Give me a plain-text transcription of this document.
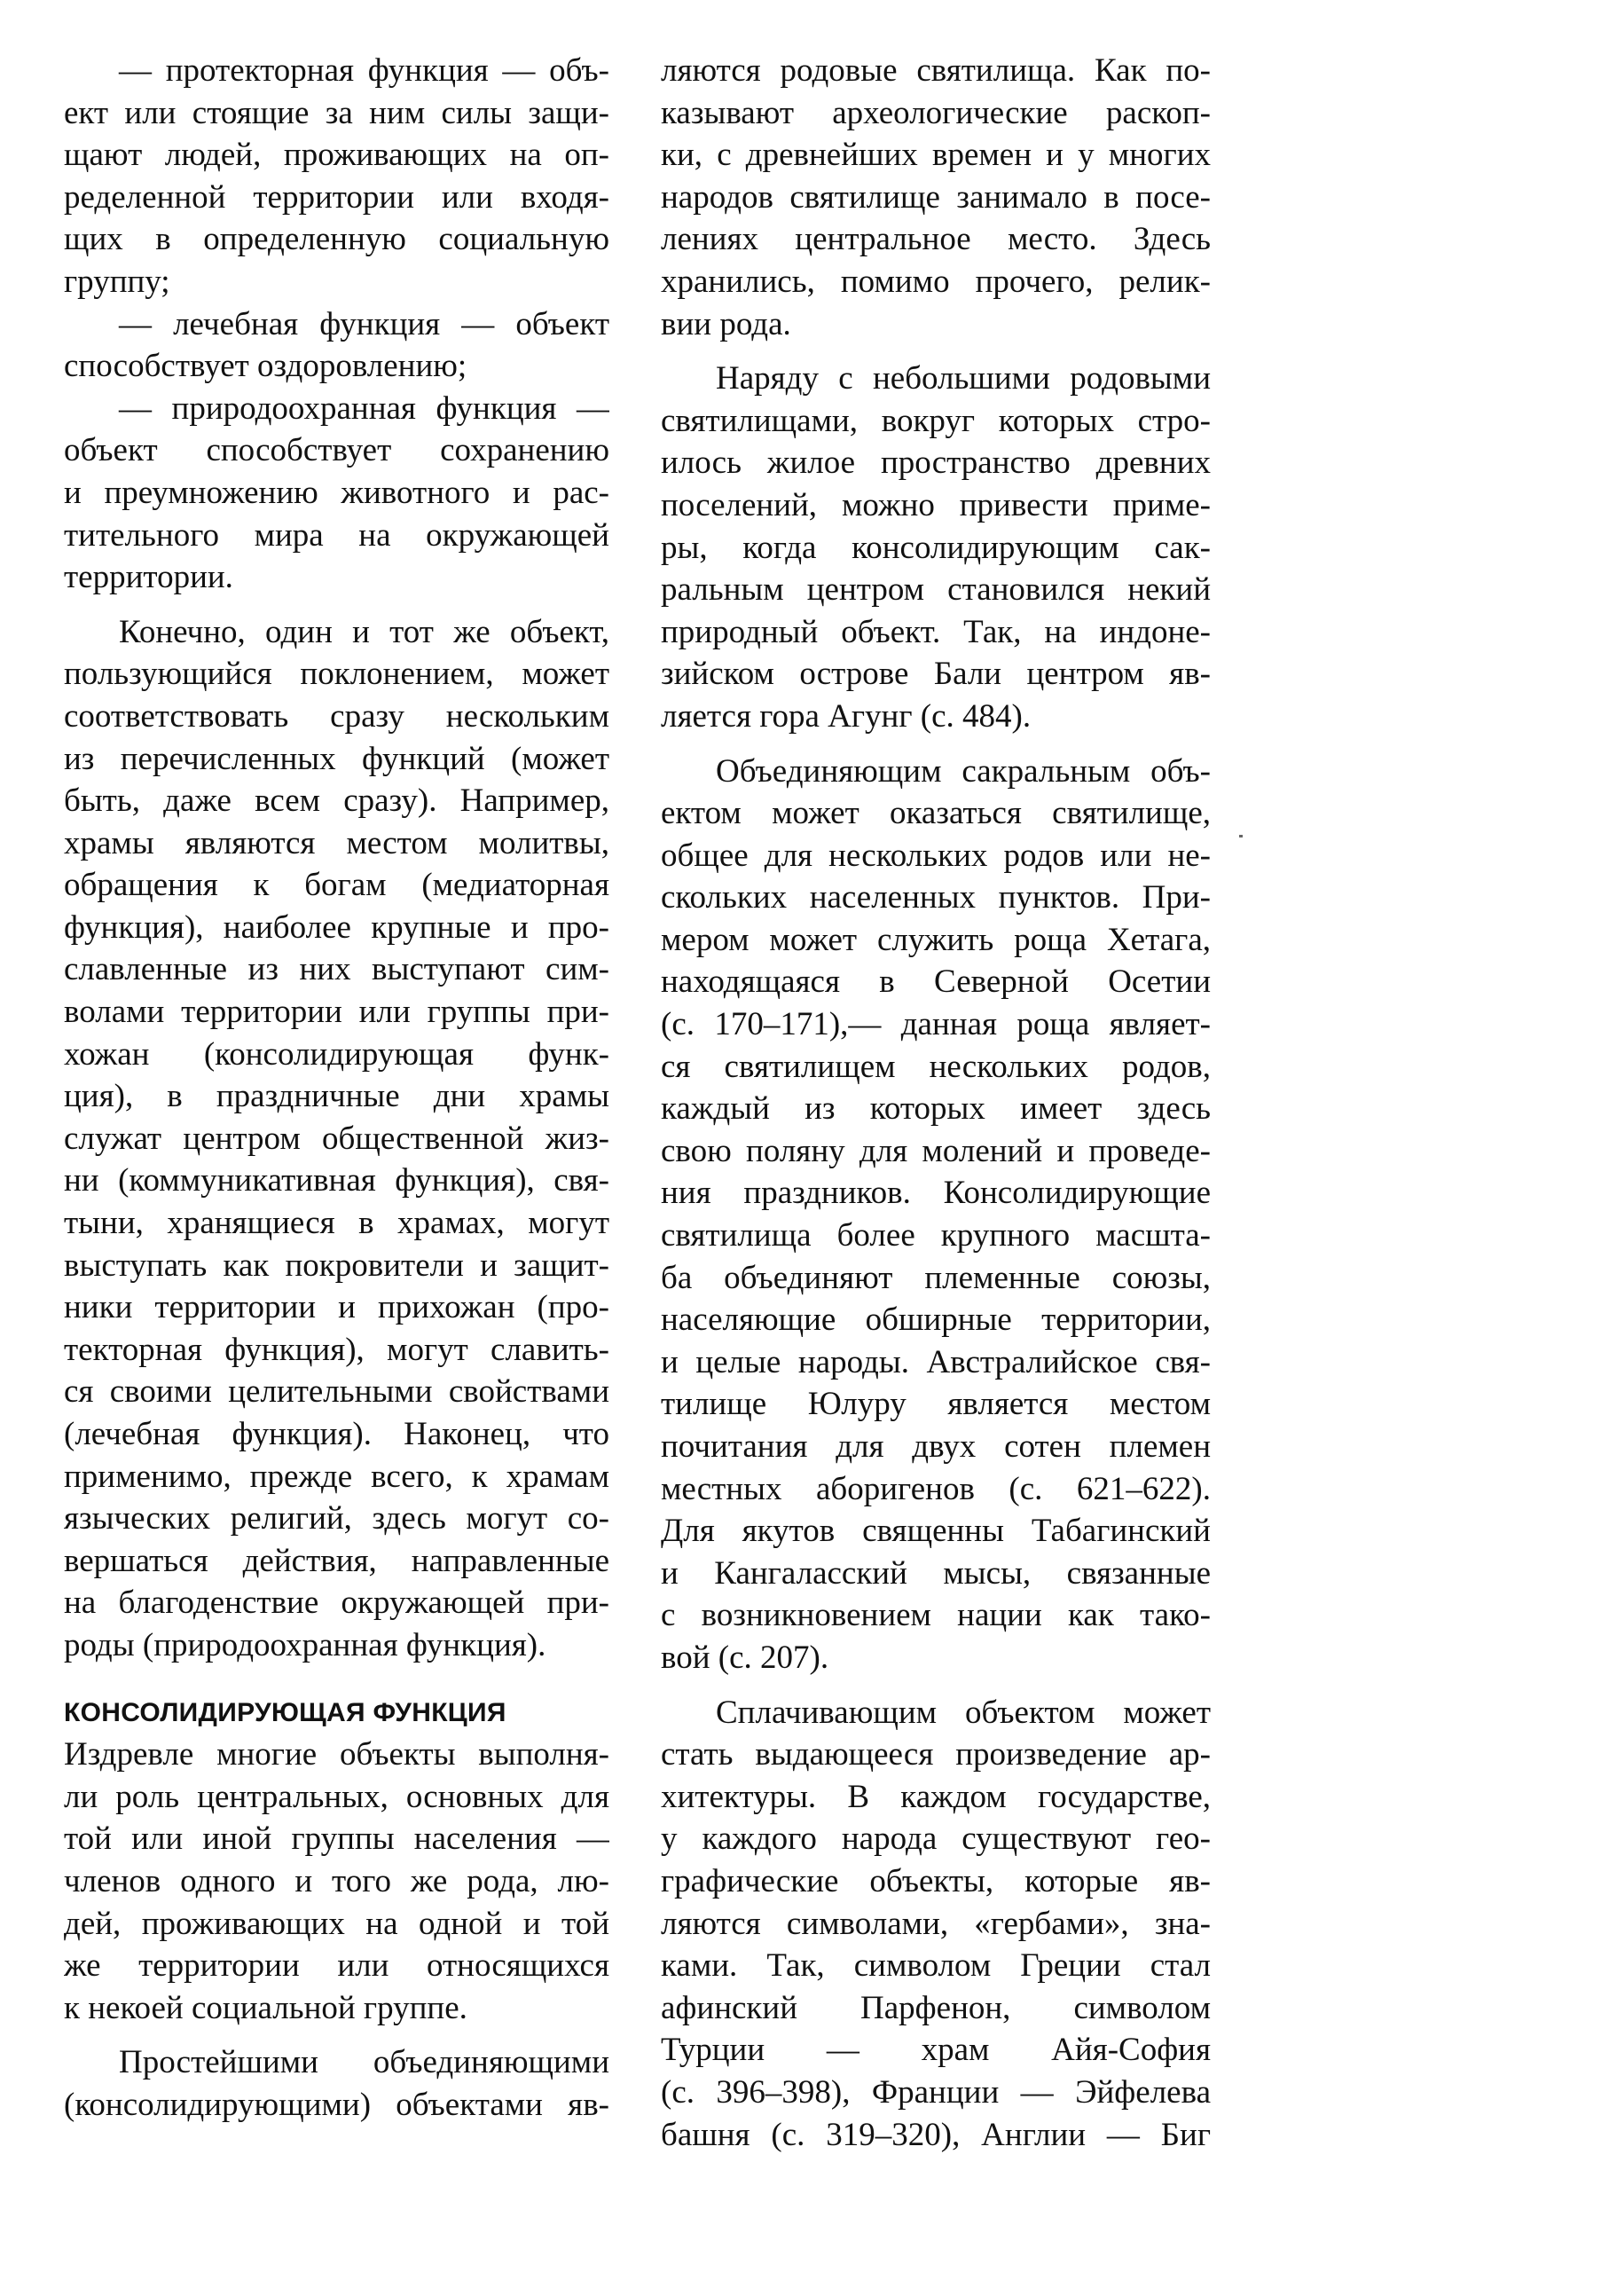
— протекторная функция — объ-
ект или стоящие за ним силы защи-
щают людей, проживающих на оп-
ределенной территории или входя-
щих в определенную социальную
группу;
— лечебная функция — объект
способствует оздоровлению;
— природоохранная функция —
объект способствует сохранению
и преумножению животного и рас-
тительного мира на окружающей
территории.
Конечно, один и тот же объект,
пользующийся поклонением, может
соответствовать сразу нескольким
из перечисленных функций (может
быть, даже всем сразу). Например,
храмы являются местом молитвы,
обращения к богам (медиаторная
функция), наиболее крупные и про-
славленные из них выступают сим-
волами территории или группы при-
хожан (консолидирующая функ-
ция), в праздничные дни храмы
служат центром общественной жиз-
ни (коммуникативная функция), свя-
тыни, хранящиеся в храмах, могут
выступать как покровители и защит-
ники территории и прихожан (про-
текторная функция), могут славить-
ся своими целительными свойствами
(лечебная функция). Наконец, что
применимо, прежде всего, к храмам
языческих религий, здесь могут со-
вершаться действия, направленные
на благоденствие окружающей при-
роды (природоохранная функция).
КОНСОЛИДИРУЮЩАЯ ФУНКЦИЯ
Издревле многие объекты выполня-
ли роль центральных, основных для
той или иной группы населения —
членов одного и того же рода, лю-
дей, проживающих на одной и той
же территории или относящихся
к некоей социальной группе.
Простейшими объединяющими
(консолидирующими) объектами яв-
ляются родовые святилища. Как по-
казывают археологические раскоп-
ки, с древнейших времен и у многих
народов святилище занимало в посе-
лениях центральное место. Здесь
хранились, помимо прочего, релик-
вии рода.
Наряду с небольшими родовыми
святилищами, вокруг которых стро-
илось жилое пространство древних
поселений, можно привести приме-
ры, когда консолидирующим сак-
ральным центром становился некий
природный объект. Так, на индоне-
зийском острове Бали центром яв-
ляется гора Агунг (с. 484).
Объединяющим сакральным объ-
ектом может оказаться святилище,
общее для нескольких родов или не-
скольких населенных пунктов. При-
мером может служить роща Хетага,
находящаяся в Северной Осетии
(с. 170–171),— данная роща являет-
ся святилищем нескольких родов,
каждый из которых имеет здесь
свою поляну для молений и проведе-
ния праздников. Консолидирующие
святилища более крупного масшта-
ба объединяют племенные союзы,
населяющие обширные территории,
и целые народы. Австралийское свя-
тилище Юлуру является местом
почитания для двух сотен племен
местных аборигенов (с. 621–622).
Для якутов священны Табагинский
и Кангаласский мысы, связанные
с возникновением нации как тако-
вой (с. 207).
Сплачивающим объектом может
стать выдающееся произведение ар-
хитектуры. В каждом государстве,
у каждого народа существуют гео-
графические объекты, которые яв-
ляются символами, «гербами», зна-
ками. Так, символом Греции стал
афинский Парфенон, символом
Турции — храм Айя-София
(с. 396–398), Франции — Эйфелева
башня (с. 319–320), Англии — Биг
